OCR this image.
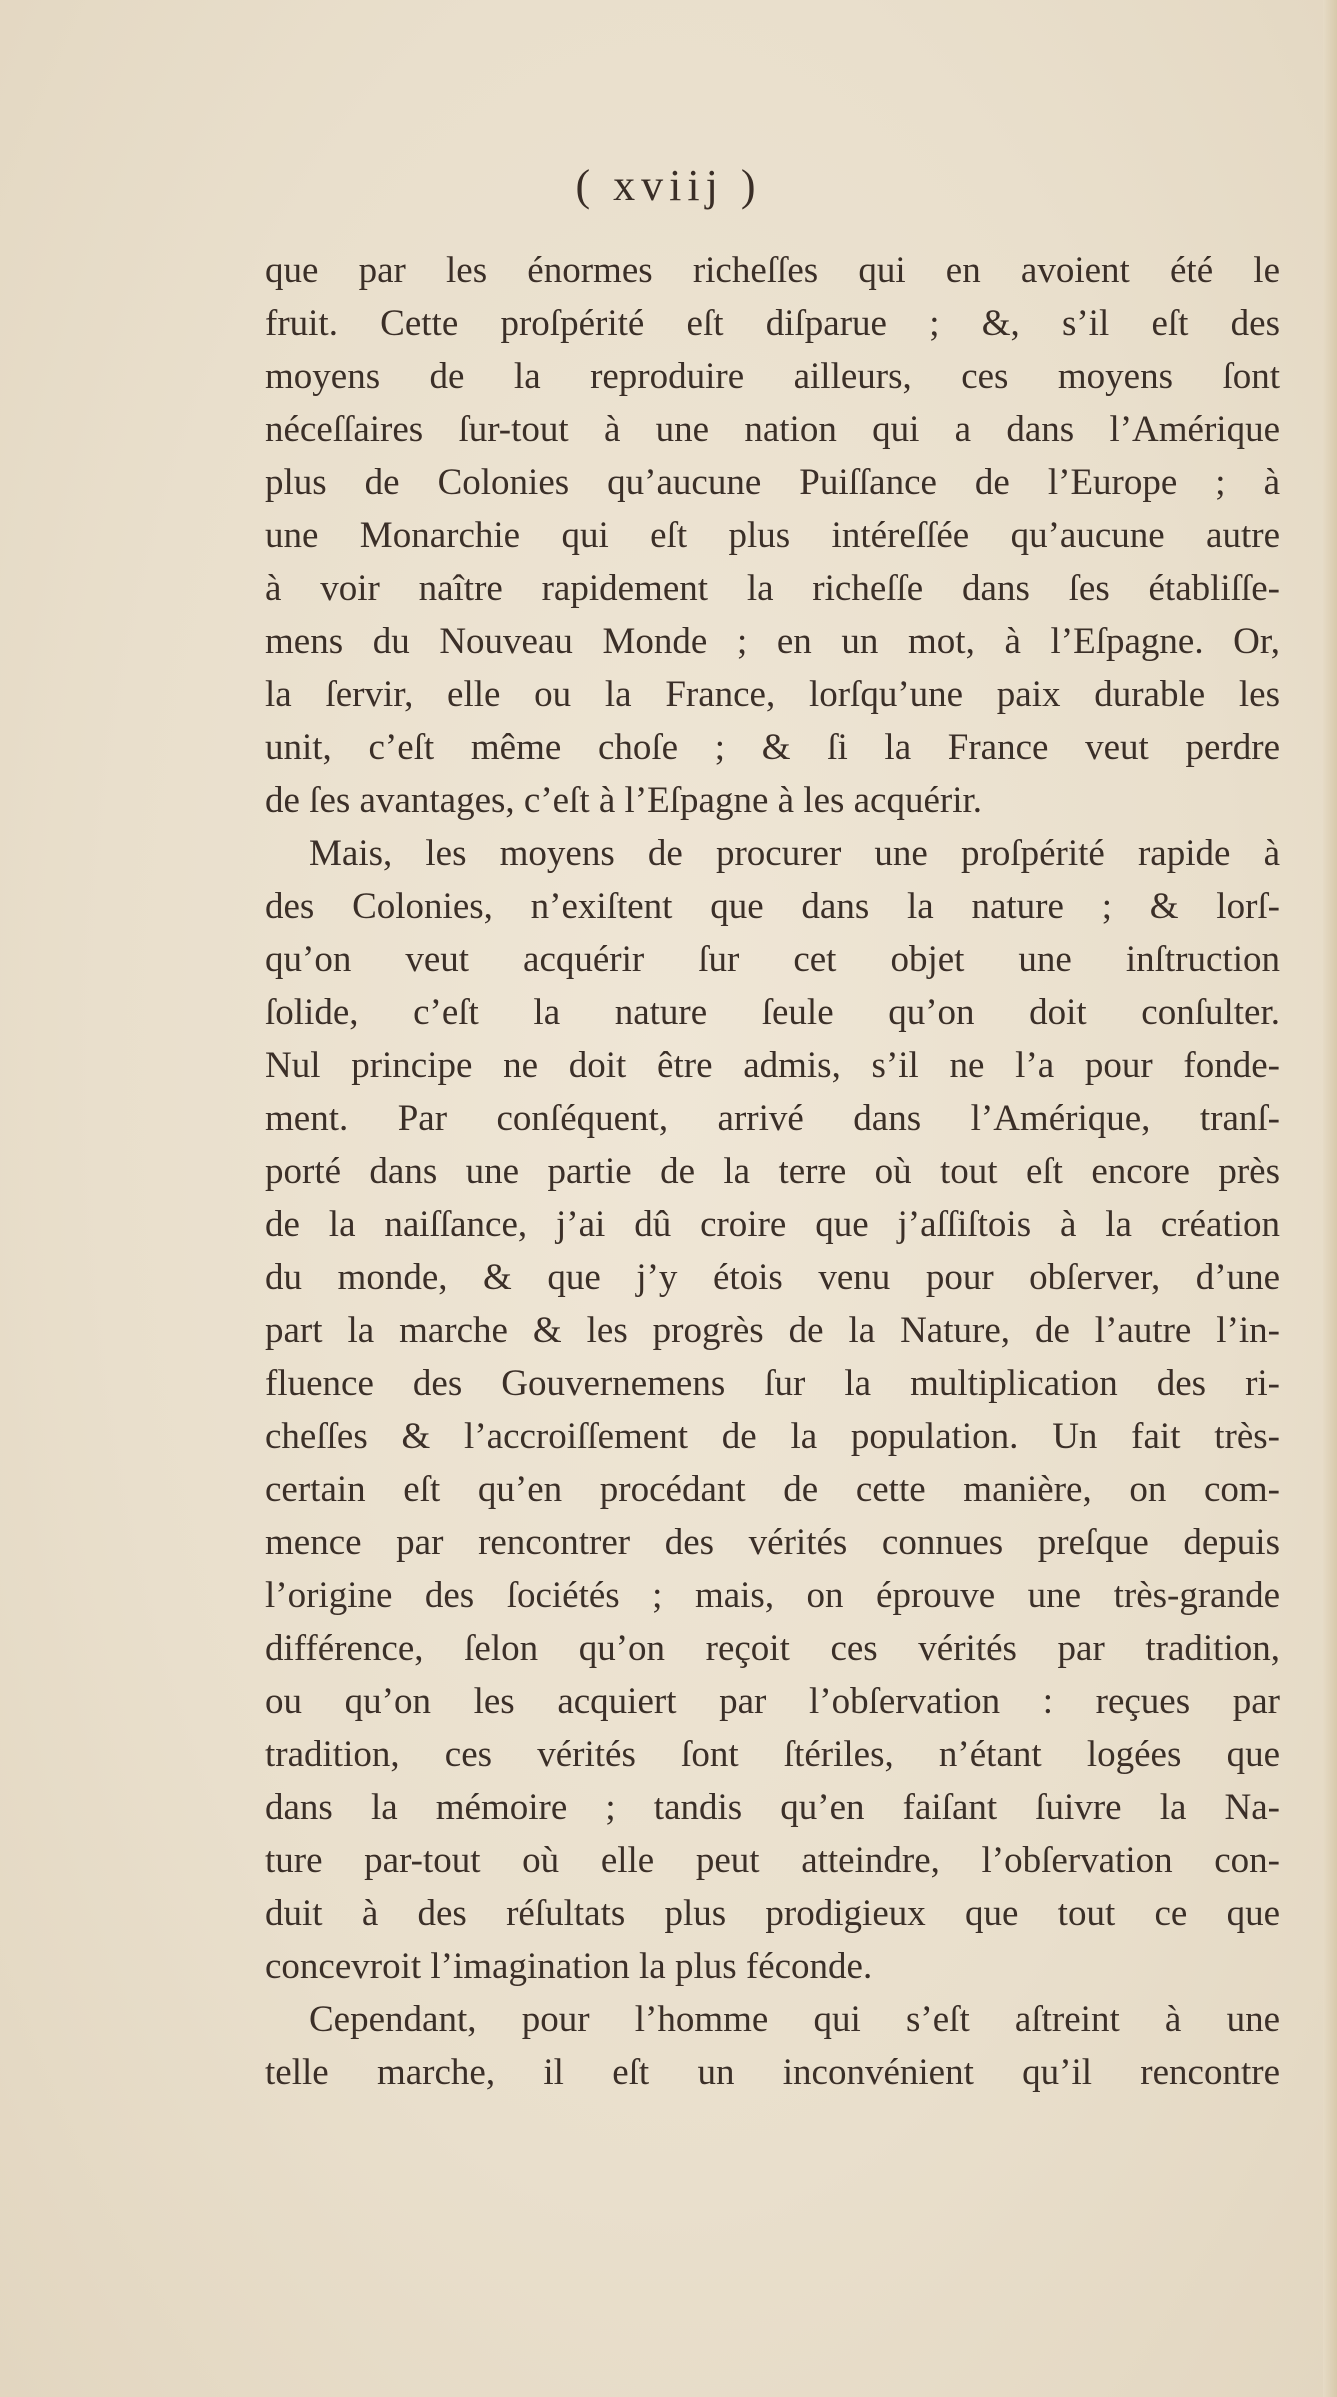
( xviij )
que par les énormes richeſſes qui en avoient été le
fruit. Cette proſpérité eſt diſparue ; &, s’il eſt des
moyens de la reproduire ailleurs, ces moyens ſont
néceſſaires ſur-tout à une nation qui a dans l’Amérique
plus de Colonies qu’aucune Puiſſance de l’Europe ; à
une Monarchie qui eſt plus intéreſſée qu’aucune autre
à voir naître rapidement la richeſſe dans ſes établiſſe-
mens du Nouveau Monde ; en un mot, à l’Eſpagne. Or,
la ſervir, elle ou la France, lorſqu’une paix durable les
unit, c’eſt même choſe ; & ſi la France veut perdre
de ſes avantages, c’eſt à l’Eſpagne à les acquérir.
Mais, les moyens de procurer une proſpérité rapide à
des Colonies, n’exiſtent que dans la nature ; & lorſ-
qu’on veut acquérir ſur cet objet une inſtruction
ſolide, c’eſt la nature ſeule qu’on doit conſulter.
Nul principe ne doit être admis, s’il ne l’a pour fonde-
ment. Par conſéquent, arrivé dans l’Amérique, tranſ-
porté dans une partie de la terre où tout eſt encore près
de la naiſſance, j’ai dû croire que j’aſſiſtois à la création
du monde, & que j’y étois venu pour obſerver, d’une
part la marche & les progrès de la Nature, de l’autre l’in-
fluence des Gouvernemens ſur la multiplication des ri-
cheſſes & l’accroiſſement de la population. Un fait très-
certain eſt qu’en procédant de cette manière, on com-
mence par rencontrer des vérités connues preſque depuis
l’origine des ſociétés ; mais, on éprouve une très-grande
différence, ſelon qu’on reçoit ces vérités par tradition,
ou qu’on les acquiert par l’obſervation : reçues par
tradition, ces vérités ſont ſtériles, n’étant logées que
dans la mémoire ; tandis qu’en faiſant ſuivre la Na-
ture par-tout où elle peut atteindre, l’obſervation con-
duit à des réſultats plus prodigieux que tout ce que
concevroit l’imagination la plus féconde.
Cependant, pour l’homme qui s’eſt aſtreint à une
telle marche, il eſt un inconvénient qu’il rencontre
